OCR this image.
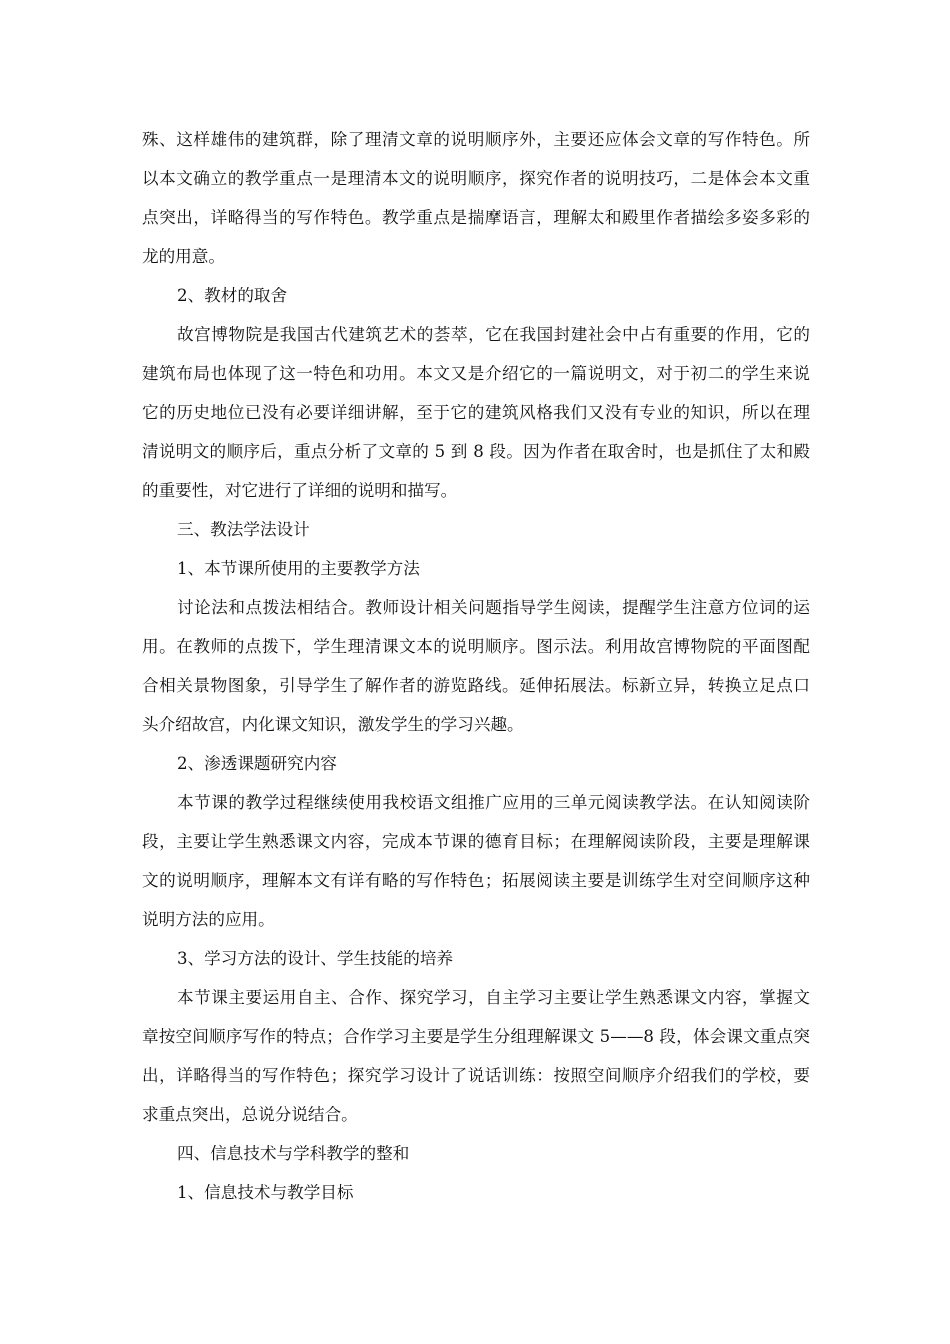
殊、这样雄伟的建筑群，除了理清文章的说明顺序外，主要还应体会文章的写作特色。所
以本文确立的教学重点一是理清本文的说明顺序，探究作者的说明技巧，二是体会本文重
点突出，详略得当的写作特色。教学重点是揣摩语言，理解太和殿里作者描绘多姿多彩的
龙的用意。
2、教材的取舍
故宫博物院是我国古代建筑艺术的荟萃，它在我国封建社会中占有重要的作用，它的
建筑布局也体现了这一特色和功用。本文又是介绍它的一篇说明文，对于初二的学生来说
它的历史地位已没有必要详细讲解，至于它的建筑风格我们又没有专业的知识，所以在理
清说明文的顺序后，重点分析了文章的 5 到 8 段。因为作者在取舍时，也是抓住了太和殿
的重要性，对它进行了详细的说明和描写。
三、教法学法设计
1、本节课所使用的主要教学方法
讨论法和点拨法相结合。教师设计相关问题指导学生阅读，提醒学生注意方位词的运
用。在教师的点拨下，学生理清课文本的说明顺序。图示法。利用故宫博物院的平面图配
合相关景物图象，引导学生了解作者的游览路线。延伸拓展法。标新立异，转换立足点口
头介绍故宫，内化课文知识，激发学生的学习兴趣。
2、渗透课题研究内容
本节课的教学过程继续使用我校语文组推广应用的三单元阅读教学法。在认知阅读阶
段，主要让学生熟悉课文内容，完成本节课的德育目标；在理解阅读阶段，主要是理解课
文的说明顺序，理解本文有详有略的写作特色；拓展阅读主要是训练学生对空间顺序这种
说明方法的应用。
3、学习方法的设计、学生技能的培养
本节课主要运用自主、合作、探究学习，自主学习主要让学生熟悉课文内容，掌握文
章按空间顺序写作的特点；合作学习主要是学生分组理解课文 5——8 段，体会课文重点突
出，详略得当的写作特色；探究学习设计了说话训练：按照空间顺序介绍我们的学校，要
求重点突出，总说分说结合。
四、信息技术与学科教学的整和
1、信息技术与教学目标
